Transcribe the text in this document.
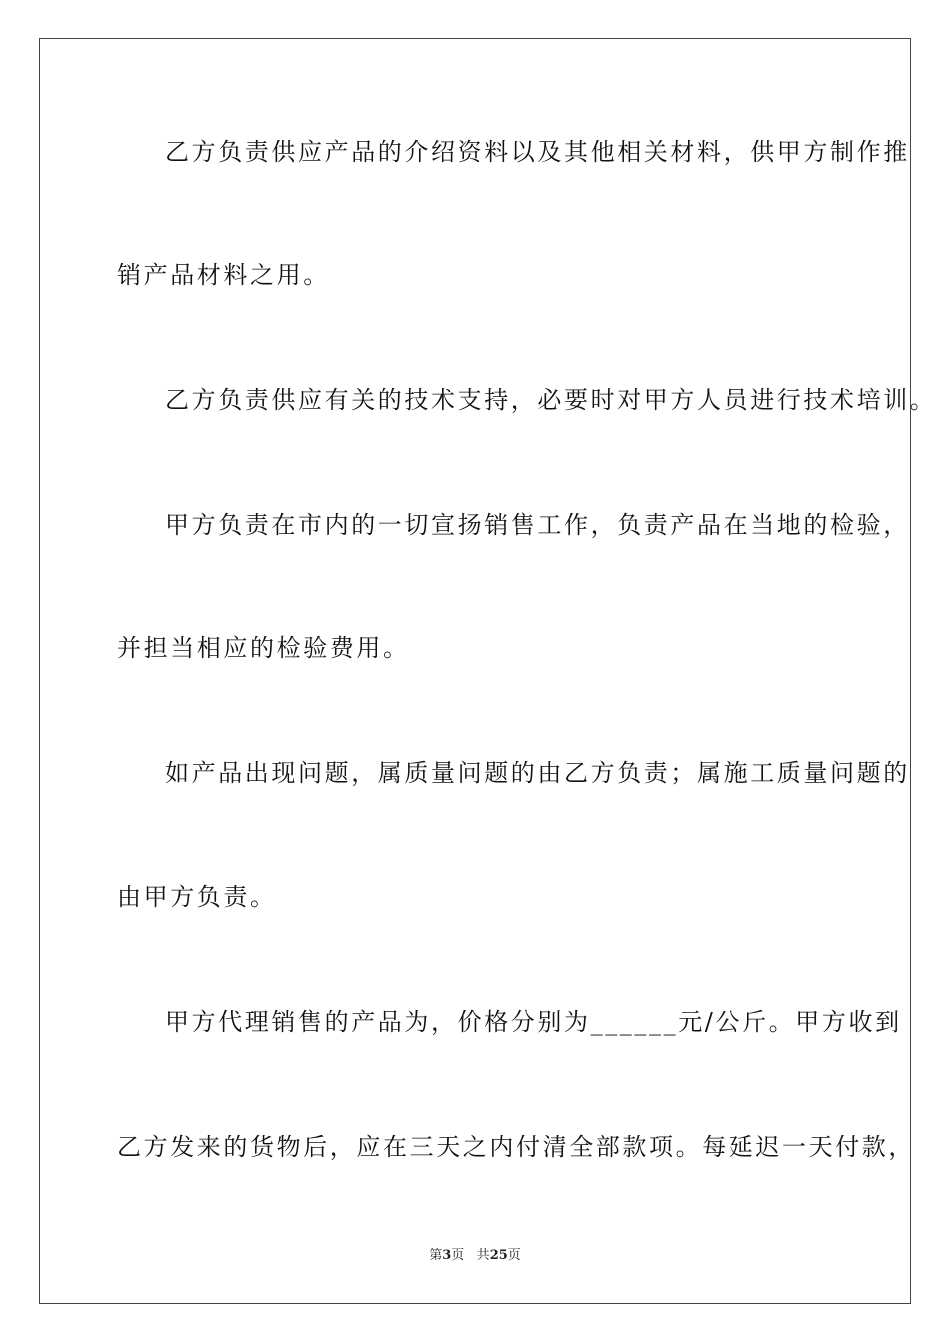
乙方负责供应产品的介绍资料以及其他相关材料，供甲方制作推
销产品材料之用。
乙方负责供应有关的技术支持，必要时对甲方人员进行技术培训。
甲方负责在市内的一切宣扬销售工作，负责产品在当地的检验，
并担当相应的检验费用。
如产品出现问题，属质量问题的由乙方负责；属施工质量问题的
由甲方负责。
甲方代理销售的产品为，价格分别为______元/公斤。甲方收到
乙方发来的货物后，应在三天之内付清全部款项。每延迟一天付款，
第3页 共25页
